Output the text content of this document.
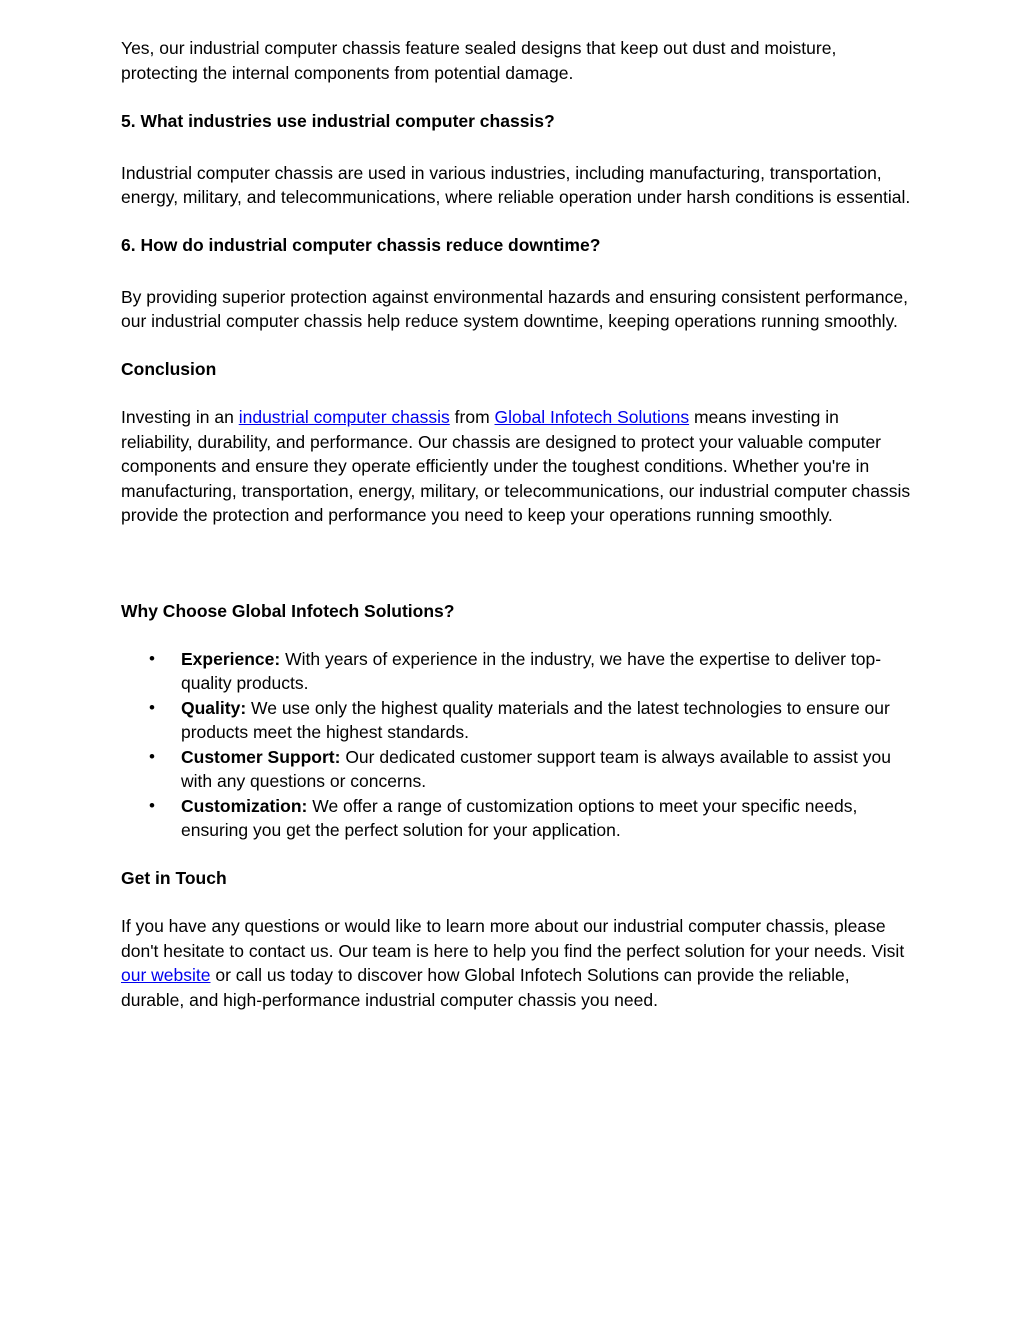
Yes, our industrial computer chassis feature sealed designs that keep out dust and moisture, protecting the internal components from potential damage.

5. What industries use industrial computer chassis?

Industrial computer chassis are used in various industries, including manufacturing, transportation, energy, military, and telecommunications, where reliable operation under harsh conditions is essential.

6. How do industrial computer chassis reduce downtime?

By providing superior protection against environmental hazards and ensuring consistent performance, our industrial computer chassis help reduce system downtime, keeping operations running smoothly.

Conclusion

Investing in an industrial computer chassis from Global Infotech Solutions means investing in reliability, durability, and performance. Our chassis are designed to protect your valuable computer components and ensure they operate efficiently under the toughest conditions. Whether you're in manufacturing, transportation, energy, military, or telecommunications, our industrial computer chassis provide the protection and performance you need to keep your operations running smoothly.

Why Choose Global Infotech Solutions?

• Experience: With years of experience in the industry, we have the expertise to deliver top-quality products.
• Quality: We use only the highest quality materials and the latest technologies to ensure our products meet the highest standards.
• Customer Support: Our dedicated customer support team is always available to assist you with any questions or concerns.
• Customization: We offer a range of customization options to meet your specific needs, ensuring you get the perfect solution for your application.

Get in Touch

If you have any questions or would like to learn more about our industrial computer chassis, please don't hesitate to contact us. Our team is here to help you find the perfect solution for your needs. Visit our website or call us today to discover how Global Infotech Solutions can provide the reliable, durable, and high-performance industrial computer chassis you need.
